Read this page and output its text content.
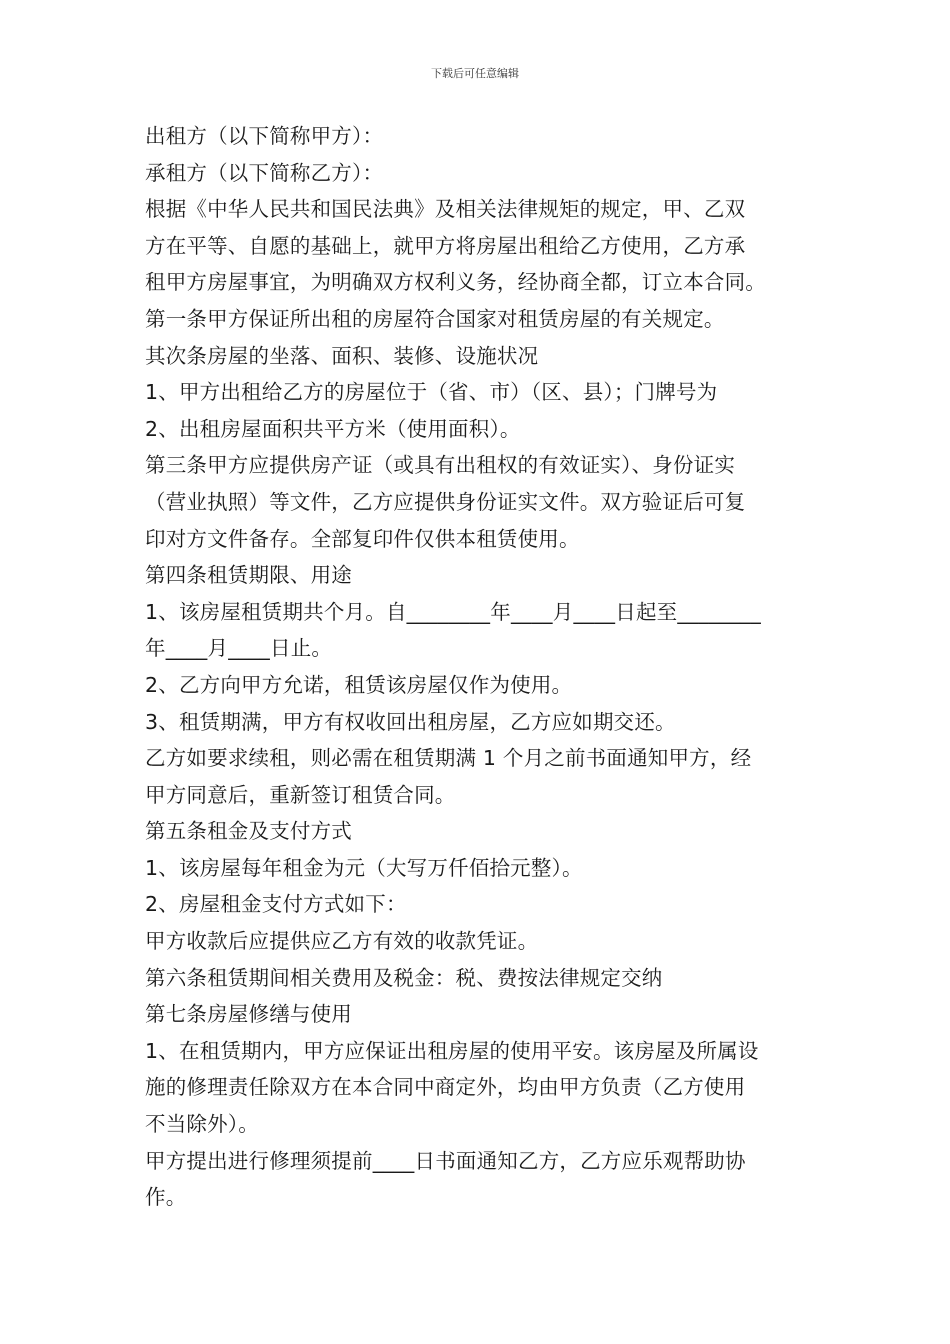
下载后可任意编辑
出租方（以下简称甲方）：
承租方（以下简称乙方）：
根据《中华人民共和国民法典》及相关法律规矩的规定，甲、乙双
方在平等、自愿的基础上，就甲方将房屋出租给乙方使用，乙方承
租甲方房屋事宜，为明确双方权利义务，经协商全都，订立本合同。
第一条甲方保证所出租的房屋符合国家对租赁房屋的有关规定。
其次条房屋的坐落、面积、装修、设施状况
1、甲方出租给乙方的房屋位于（省、市）（区、县）；门牌号为
2、出租房屋面积共平方米（使用面积）。
第三条甲方应提供房产证（或具有出租权的有效证实）、身份证实
（营业执照）等文件，乙方应提供身份证实文件。双方验证后可复
印对方文件备存。全部复印件仅供本租赁使用。
第四条租赁期限、用途
1、该房屋租赁期共个月。自________年____月____日起至________
年____月____日止。
2、乙方向甲方允诺，租赁该房屋仅作为使用。
3、租赁期满，甲方有权收回出租房屋，乙方应如期交还。
乙方如要求续租，则必需在租赁期满 1 个月之前书面通知甲方，经
甲方同意后，重新签订租赁合同。
第五条租金及支付方式
1、该房屋每年租金为元（大写万仟佰拾元整）。
2、房屋租金支付方式如下：
甲方收款后应提供应乙方有效的收款凭证。
第六条租赁期间相关费用及税金：税、费按法律规定交纳
第七条房屋修缮与使用
1、在租赁期内，甲方应保证出租房屋的使用平安。该房屋及所属设
施的修理责任除双方在本合同中商定外，均由甲方负责（乙方使用
不当除外）。
甲方提出进行修理须提前____日书面通知乙方，乙方应乐观帮助协
作。
